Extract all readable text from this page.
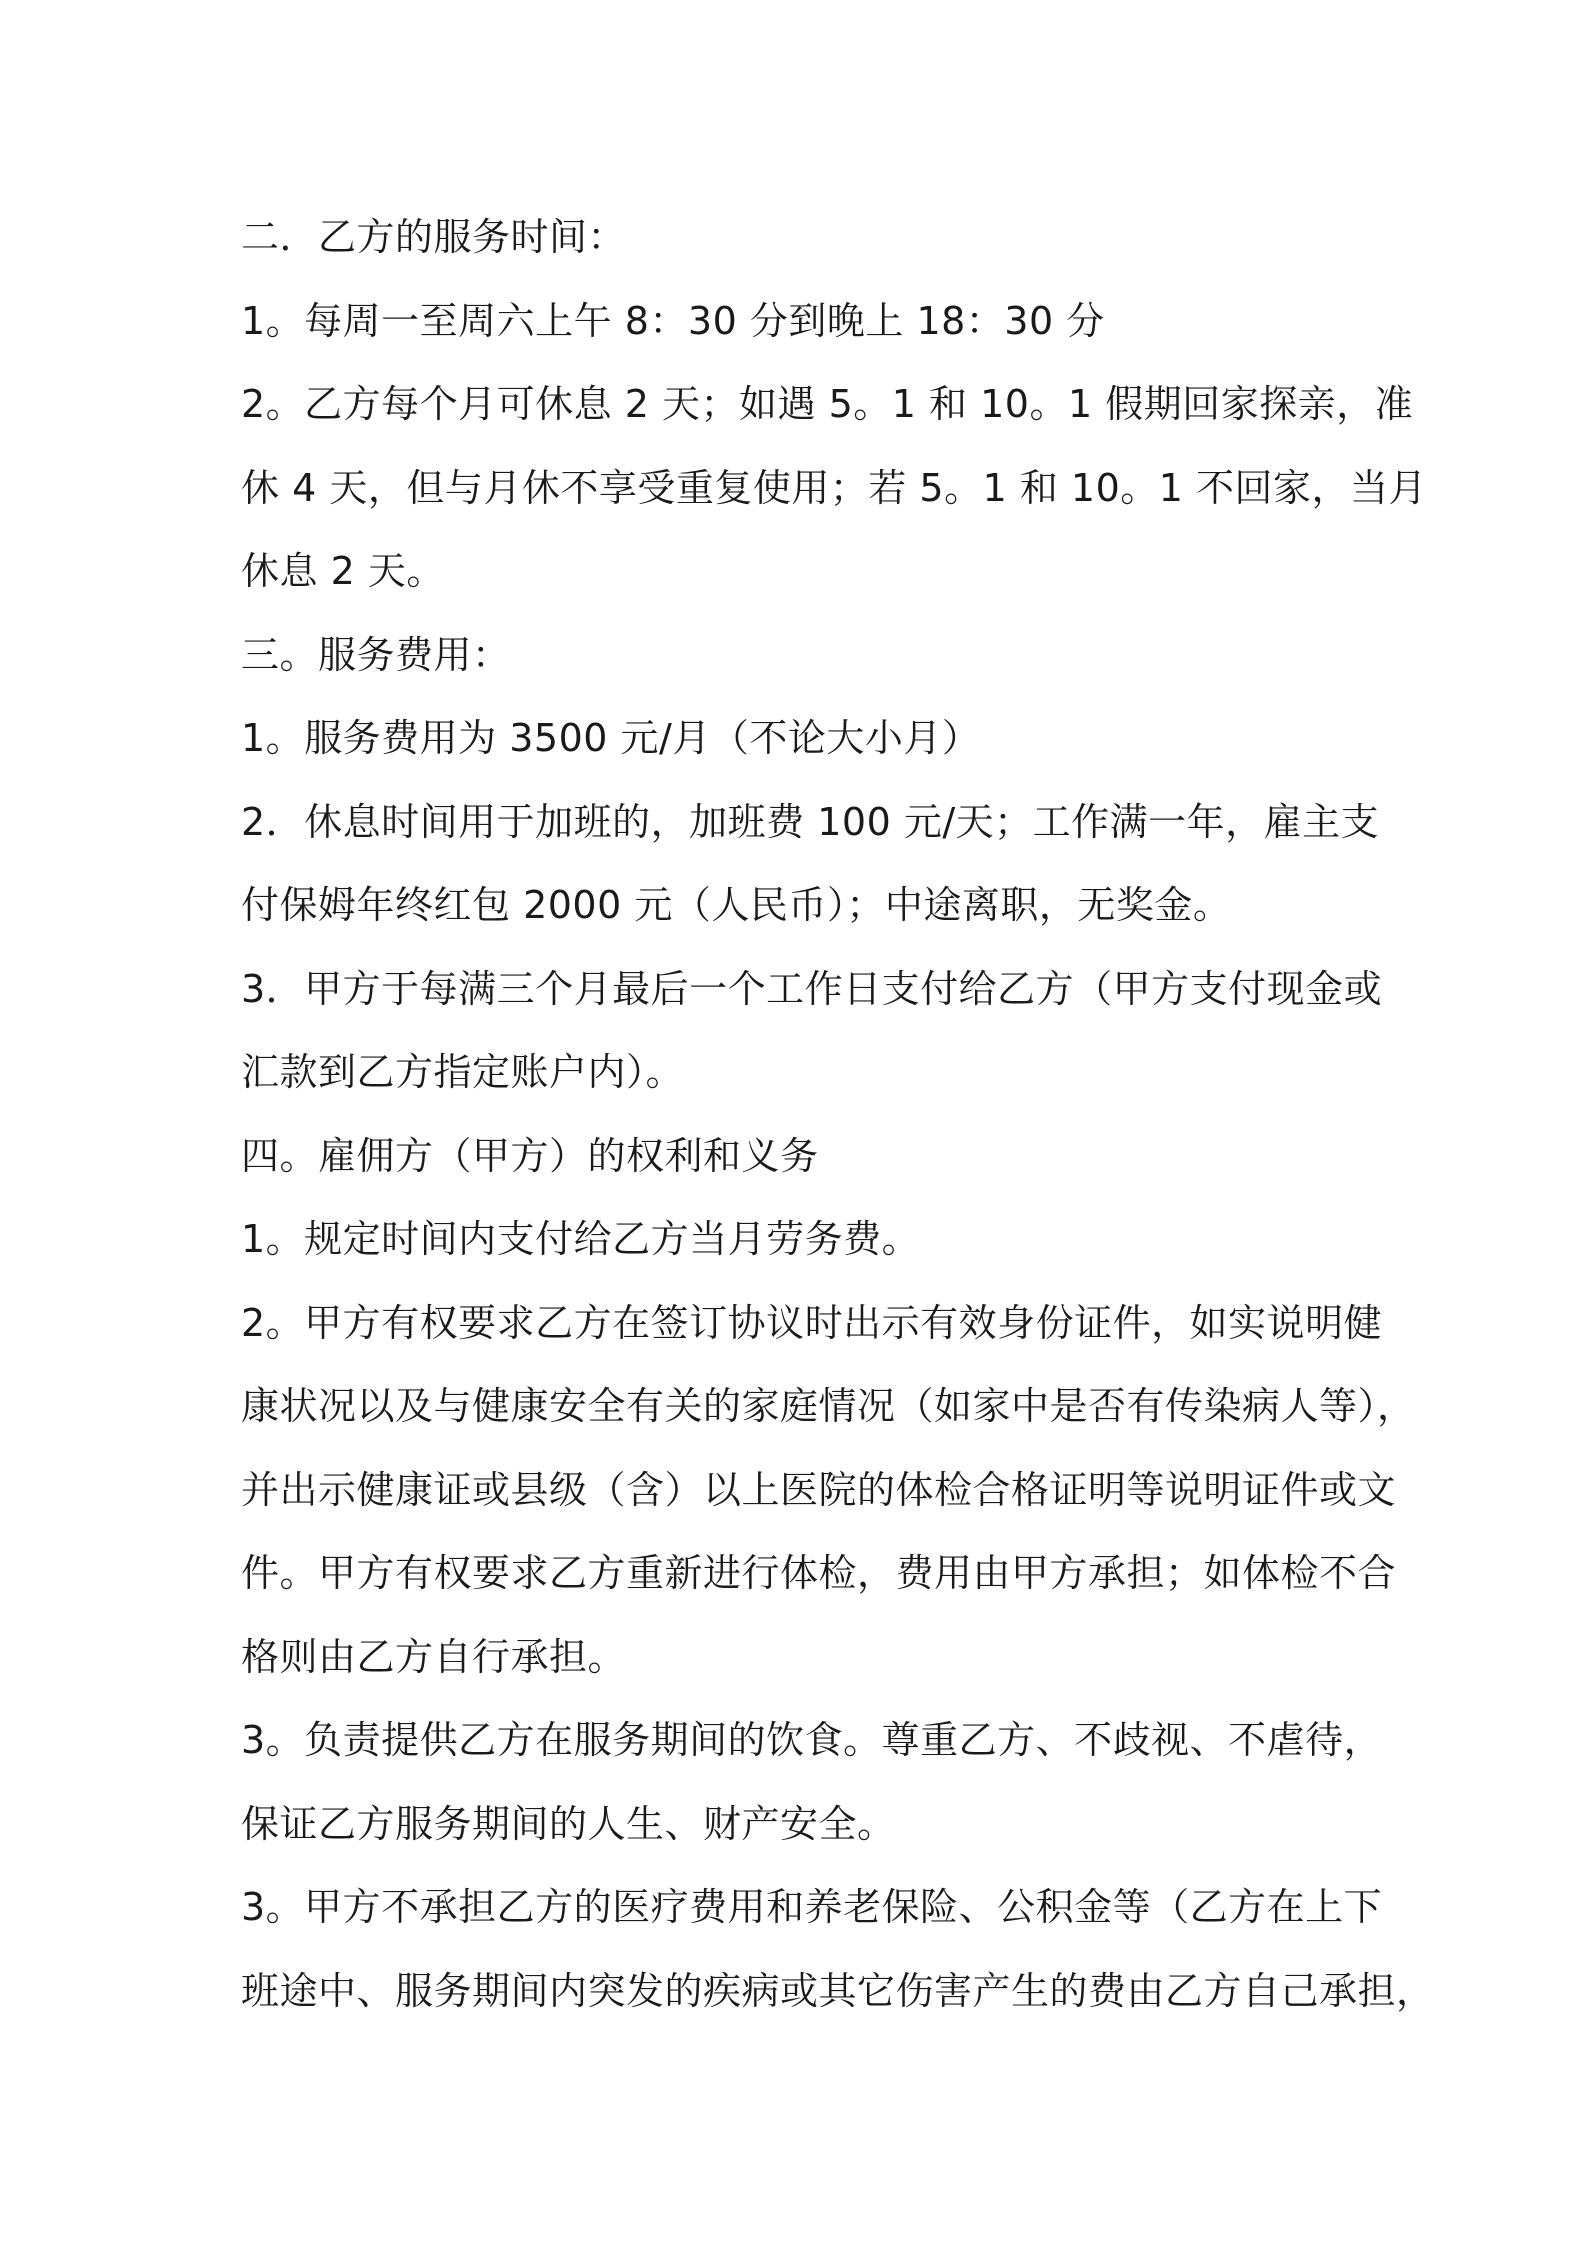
二．乙方的服务时间：
1。每周一至周六上午 8：30 分到晚上 18：30 分
2。乙方每个月可休息 2 天；如遇 5。1 和 10。1 假期回家探亲，准
休 4 天，但与月休不享受重复使用；若 5。1 和 10。1 不回家，当月
休息 2 天。
三。服务费用：
1。服务费用为 3500 元/月（不论大小月）
2．休息时间用于加班的，加班费 100 元/天；工作满一年，雇主支
付保姆年终红包 2000 元（人民币）；中途离职，无奖金。
3．甲方于每满三个月最后一个工作日支付给乙方（甲方支付现金或
汇款到乙方指定账户内）。
四。雇佣方（甲方）的权利和义务
1。规定时间内支付给乙方当月劳务费。
2。甲方有权要求乙方在签订协议时出示有效身份证件，如实说明健
康状况以及与健康安全有关的家庭情况（如家中是否有传染病人等），
并出示健康证或县级（含）以上医院的体检合格证明等说明证件或文
件。甲方有权要求乙方重新进行体检，费用由甲方承担；如体检不合
格则由乙方自行承担。
3。负责提供乙方在服务期间的饮食。尊重乙方、不歧视、不虐待，
保证乙方服务期间的人生、财产安全。
3。甲方不承担乙方的医疗费用和养老保险、公积金等（乙方在上下
班途中、服务期间内突发的疾病或其它伤害产生的费由乙方自己承担，
